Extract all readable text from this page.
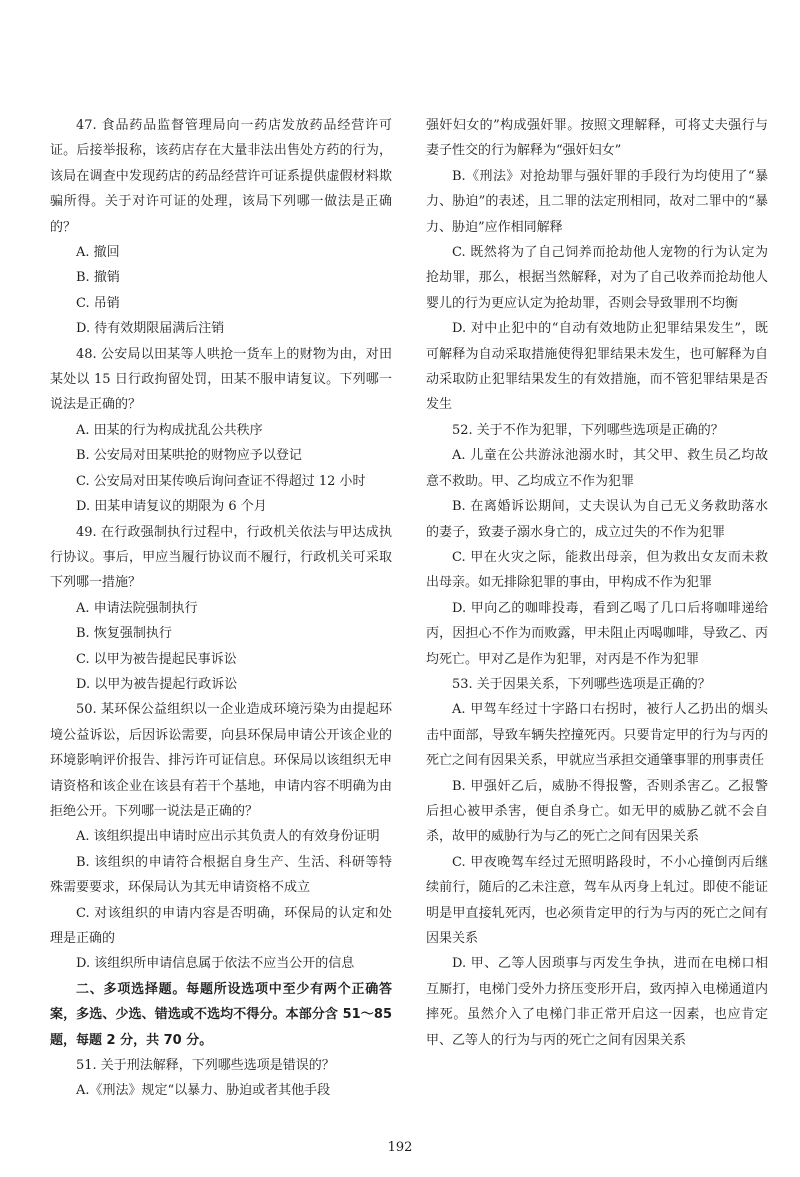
47. 食品药品监督管理局向一药店发放药品经营许可证。后接举报称，该药店存在大量非法出售处方药的行为，该局在调查中发现药店的药品经营许可证系提供虚假材料欺骗所得。关于对许可证的处理，该局下列哪一做法是正确的？

A. 撤回

B. 撤销

C. 吊销

D. 待有效期限届满后注销

48. 公安局以田某等人哄抢一货车上的财物为由，对田某处以 15 日行政拘留处罚，田某不服申请复议。下列哪一说法是正确的？

A. 田某的行为构成扰乱公共秩序

B. 公安局对田某哄抢的财物应予以登记

C. 公安局对田某传唤后询问查证不得超过 12 小时

D. 田某申请复议的期限为 6 个月

49. 在行政强制执行过程中，行政机关依法与甲达成执行协议。事后，甲应当履行协议而不履行，行政机关可采取下列哪一措施？

A. 申请法院强制执行

B. 恢复强制执行

C. 以甲为被告提起民事诉讼

D. 以甲为被告提起行政诉讼

50. 某环保公益组织以一企业造成环境污染为由提起环境公益诉讼，后因诉讼需要，向县环保局申请公开该企业的环境影响评价报告、排污许可证信息。环保局以该组织无申请资格和该企业在该县有若干个基地，申请内容不明确为由拒绝公开。下列哪一说法是正确的？

A. 该组织提出申请时应出示其负责人的有效身份证明

B. 该组织的申请符合根据自身生产、生活、科研等特殊需要要求，环保局认为其无申请资格不成立

C. 对该组织的申请内容是否明确，环保局的认定和处理是正确的

D. 该组织所申请信息属于依法不应当公开的信息

二、多项选择题。每题所设选项中至少有两个正确答案，多选、少选、错选或不选均不得分。本部分含 51～85 题，每题 2 分，共 70 分。

51. 关于刑法解释，下列哪些选项是错误的？

A.《刑法》规定“以暴力、胁迫或者其他手段

强奸妇女的”构成强奸罪。按照文理解释，可将丈夫强行与妻子性交的行为解释为“强奸妇女”

B.《刑法》对抢劫罪与强奸罪的手段行为均使用了“暴力、胁迫”的表述，且二罪的法定刑相同，故对二罪中的“暴力、胁迫”应作相同解释

C. 既然将为了自己饲养而抢劫他人宠物的行为认定为抢劫罪，那么，根据当然解释，对为了自己收养而抢劫他人婴儿的行为更应认定为抢劫罪，否则会导致罪刑不均衡

D. 对中止犯中的“自动有效地防止犯罪结果发生”，既可解释为自动采取措施使得犯罪结果未发生，也可解释为自动采取防止犯罪结果发生的有效措施，而不管犯罪结果是否发生

52. 关于不作为犯罪，下列哪些选项是正确的？

A. 儿童在公共游泳池溺水时，其父甲、救生员乙均故意不救助。甲、乙均成立不作为犯罪

B. 在离婚诉讼期间，丈夫误认为自己无义务救助落水的妻子，致妻子溺水身亡的，成立过失的不作为犯罪

C. 甲在火灾之际，能救出母亲，但为救出女友而未救出母亲。如无排除犯罪的事由，甲构成不作为犯罪

D. 甲向乙的咖啡投毒，看到乙喝了几口后将咖啡递给丙，因担心不作为而败露，甲未阻止丙喝咖啡，导致乙、丙均死亡。甲对乙是作为犯罪，对丙是不作为犯罪

53. 关于因果关系，下列哪些选项是正确的？

A. 甲驾车经过十字路口右拐时，被行人乙扔出的烟头击中面部，导致车辆失控撞死丙。只要肯定甲的行为与丙的死亡之间有因果关系，甲就应当承担交通肇事罪的刑事责任

B. 甲强奸乙后，威胁不得报警，否则杀害乙。乙报警后担心被甲杀害，便自杀身亡。如无甲的威胁乙就不会自杀，故甲的威胁行为与乙的死亡之间有因果关系

C. 甲夜晚驾车经过无照明路段时，不小心撞倒丙后继续前行，随后的乙未注意，驾车从丙身上轧过。即使不能证明是甲直接轧死丙，也必须肯定甲的行为与丙的死亡之间有因果关系

D. 甲、乙等人因琐事与丙发生争执，进而在电梯口相互厮打，电梯门受外力挤压变形开启，致丙掉入电梯通道内摔死。虽然介入了电梯门非正常开启这一因素，也应肯定甲、乙等人的行为与丙的死亡之间有因果关系

192
